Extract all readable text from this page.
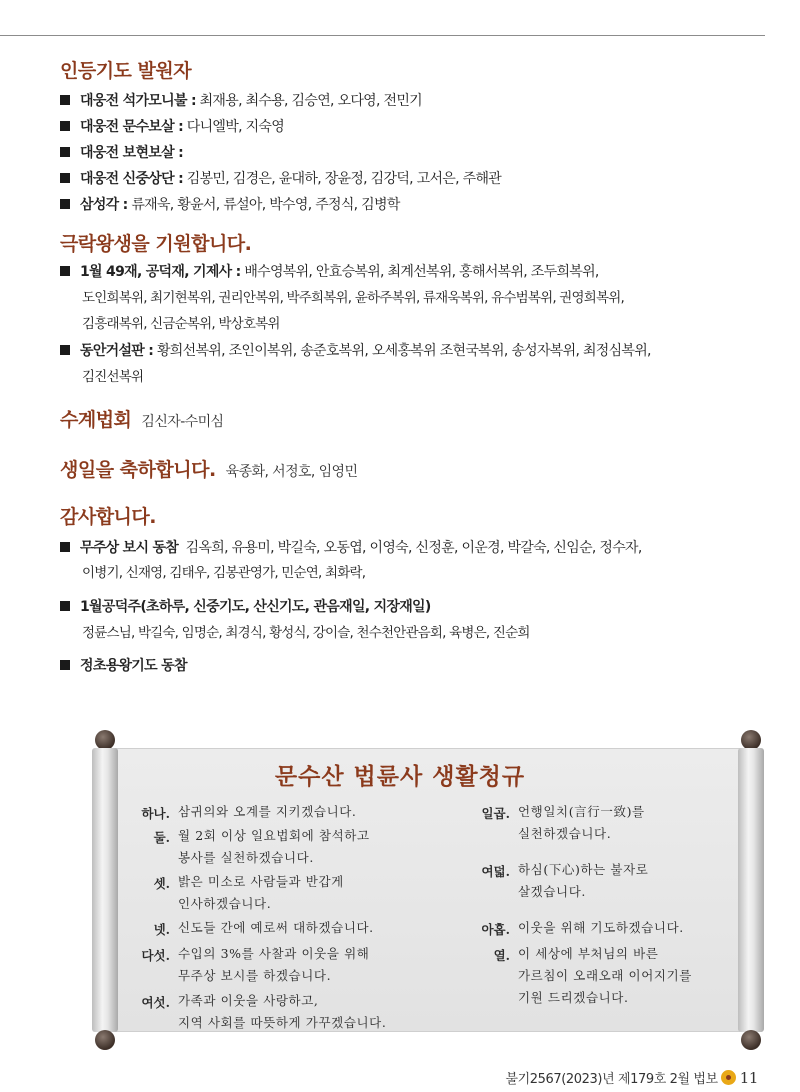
인등기도 발원자
대웅전 석가모니불 : 최재용, 최수용, 김승연, 오다영, 전민기
대웅전 문수보살 : 다니엘박, 지숙영
대웅전 보현보살 :
대웅전 신중상단 : 김봉민, 김경은, 윤대하, 장윤정, 김강덕, 고서은, 주해관
삼성각 : 류재욱, 황윤서, 류설아, 박수영, 주정식, 김병학
극락왕생을 기원합니다.
1월 49재, 공덕재, 기제사 : 배수영복위, 안효승복위, 최계선복위, 홍해서복위, 조두희복위,
도인희복위, 최기현복위, 권리안복위, 박주희복위, 윤하주복위, 류재욱복위, 유수범복위, 권영희복위,
김흥래복위, 신금순복위, 박상호복위
동안거설판 : 황희선복위, 조인이복위, 송준호복위, 오세홍복위 조현국복위, 송성자복위, 최정심복위,
김진선복위
수계법회 김신자-수미심
생일을 축하합니다. 육종화, 서정호, 임영민
감사합니다.
무주상 보시 동참 김옥희, 유용미, 박길숙, 오동엽, 이영숙, 신정훈, 이운경, 박갈숙, 신임순, 정수자,
이병기, 신재영, 김태우, 김봉관영가, 민순연, 최화락,
1월공덕주(초하루, 신중기도, 산신기도, 관음재일, 지장재일)
정륜스님, 박길숙, 임명순, 최경식, 황성식, 강이슬, 천수천안관음회, 육병은, 진순희
정초용왕기도 동참
문수산 법륜사 생활청규
하나. 삼귀의와 오계를 지키겠습니다.
둘. 월 2회 이상 일요법회에 참석하고
봉사를 실천하겠습니다.
셋. 밝은 미소로 사람들과 반갑게
인사하겠습니다.
넷. 신도들 간에 예로써 대하겠습니다.
다섯. 수입의 3%를 사찰과 이웃을 위해
무주상 보시를 하겠습니다.
여섯. 가족과 이웃을 사랑하고,
지역 사회를 따뜻하게 가꾸겠습니다.
일곱. 언행일치(言行一致)를
실천하겠습니다.
여덟. 하심(下心)하는 불자로
살겠습니다.
아홉. 이웃을 위해 기도하겠습니다.
열. 이 세상에 부처님의 바른
가르침이 오래오래 이어지기를
기원 드리겠습니다.
불기2567(2023)년 제179호 2월 법보 11
